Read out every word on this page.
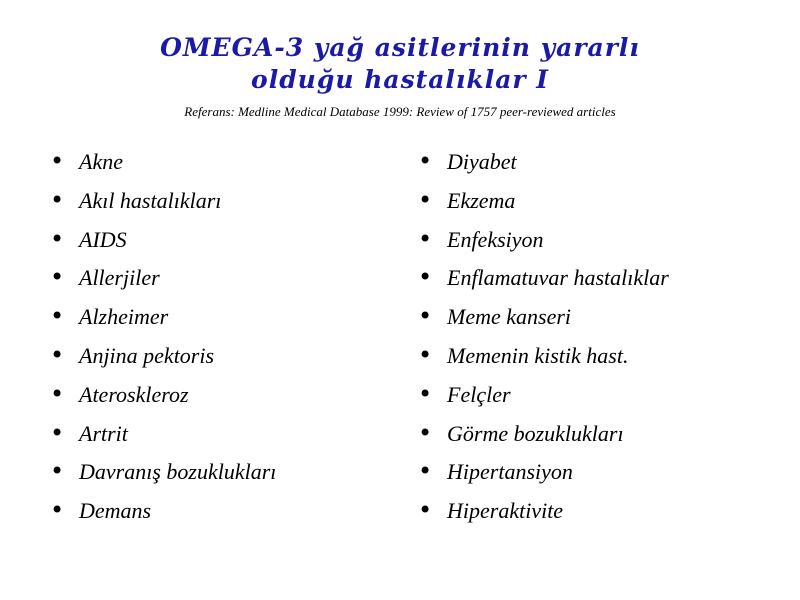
OMEGA-3 yağ asitlerinin yararlı
olduğu hastalıklar I

Referans: Medline Medical Database 1999: Review of 1757 peer-reviewed articles

• Akne
• Akıl hastalıkları
• AIDS
• Allerjiler
• Alzheimer
• Anjina pektoris
• Ateroskleroz
• Artrit
• Davranış bozuklukları
• Demans
• Diyabet
• Ekzema
• Enfeksiyon
• Enflamatuvar hastalıklar
• Meme kanseri
• Memenin kistik hast.
• Felçler
• Görme bozuklukları
• Hipertansiyon
• Hiperaktivite
